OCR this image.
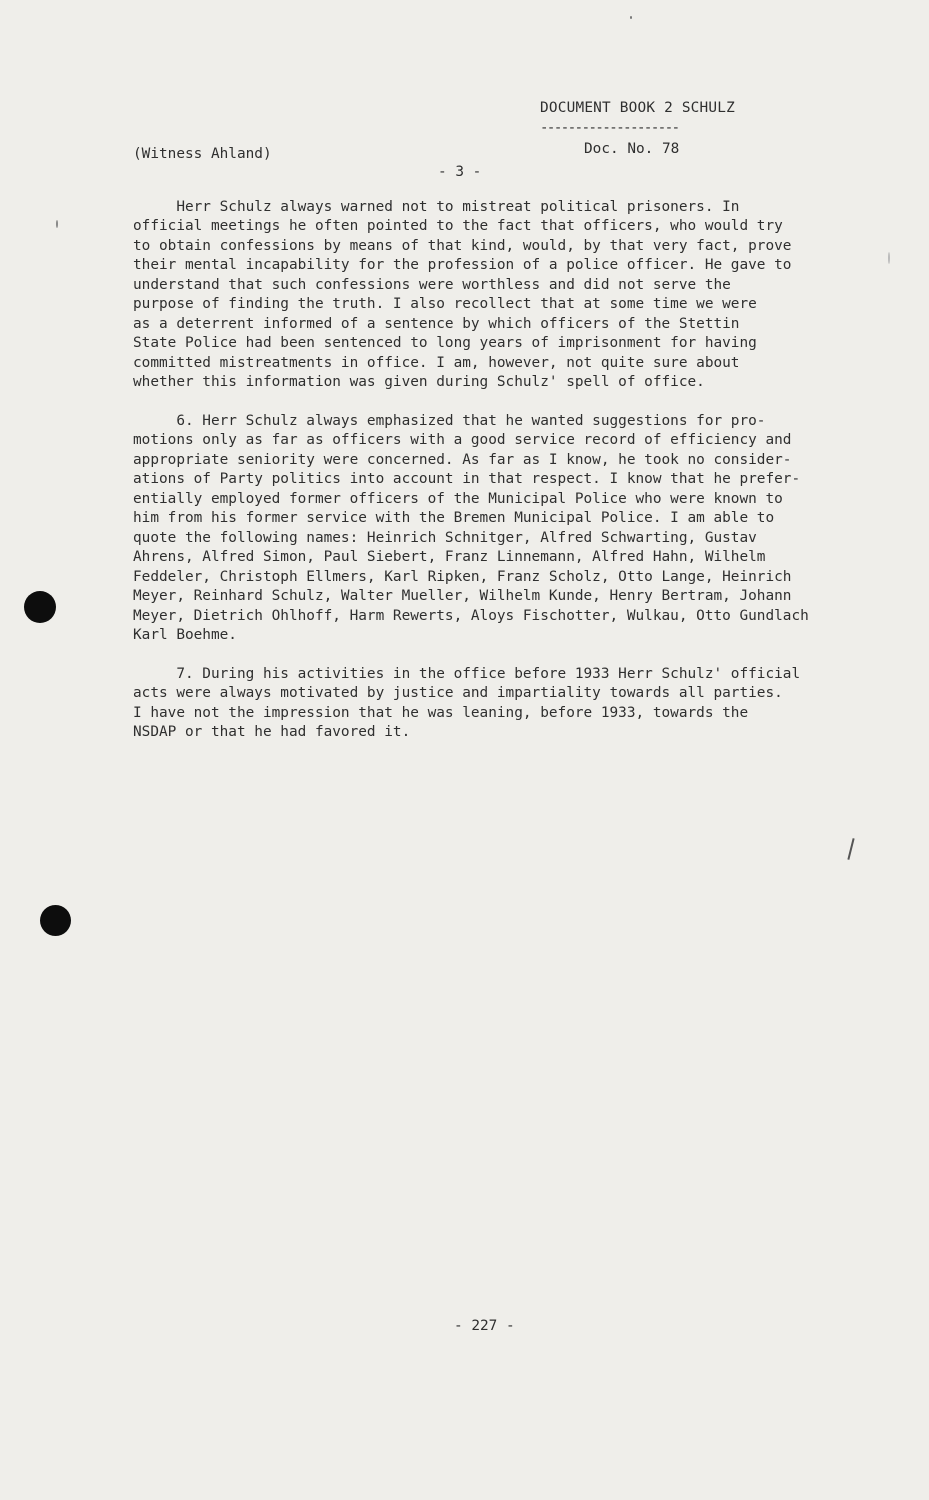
DOCUMENT BOOK 2 SCHULZ
--------------------
(Witness Ahland)	Doc. No. 78
- 3 -
Herr Schulz always warned not to mistreat political prisoners. In
official meetings he often pointed to the fact that officers, who would try
to obtain confessions by means of that kind, would, by that very fact, prove
their mental incapability for the profession of a police officer. He gave to
understand that such confessions were worthless and did not serve the
purpose of finding the truth. I also recollect that at some time we were
as a deterrent informed of a sentence by which officers of the Stettin
State Police had been sentenced to long years of imprisonment for having
committed mistreatments in office. I am, however, not quite sure about
whether this information was given during Schulz' spell of office.
6. Herr Schulz always emphasized that he wanted suggestions for pro-
motions only as far as officers with a good service record of efficiency and
appropriate seniority were concerned. As far as I know, he took no consider-
ations of Party politics into account in that respect. I know that he prefer-
entially employed former officers of the Municipal Police who were known to
him from his former service with the Bremen Municipal Police. I am able to
quote the following names: Heinrich Schnitger, Alfred Schwarting, Gustav
Ahrens, Alfred Simon, Paul Siebert, Franz Linnemann, Alfred Hahn, Wilhelm
Feddeler, Christoph Ellmers, Karl Ripken, Franz Scholz, Otto Lange, Heinrich
Meyer, Reinhard Schulz, Walter Mueller, Wilhelm Kunde, Henry Bertram, Johann
Meyer, Dietrich Ohlhoff, Harm Rewerts, Aloys Fischotter, Wulkau, Otto Gundlach
Karl Boehme.
7. During his activities in the office before 1933 Herr Schulz' official
acts were always motivated by justice and impartiality towards all parties.
I have not the impression that he was leaning, before 1933, towards the
NSDAP or that he had favored it.
- 227 -
